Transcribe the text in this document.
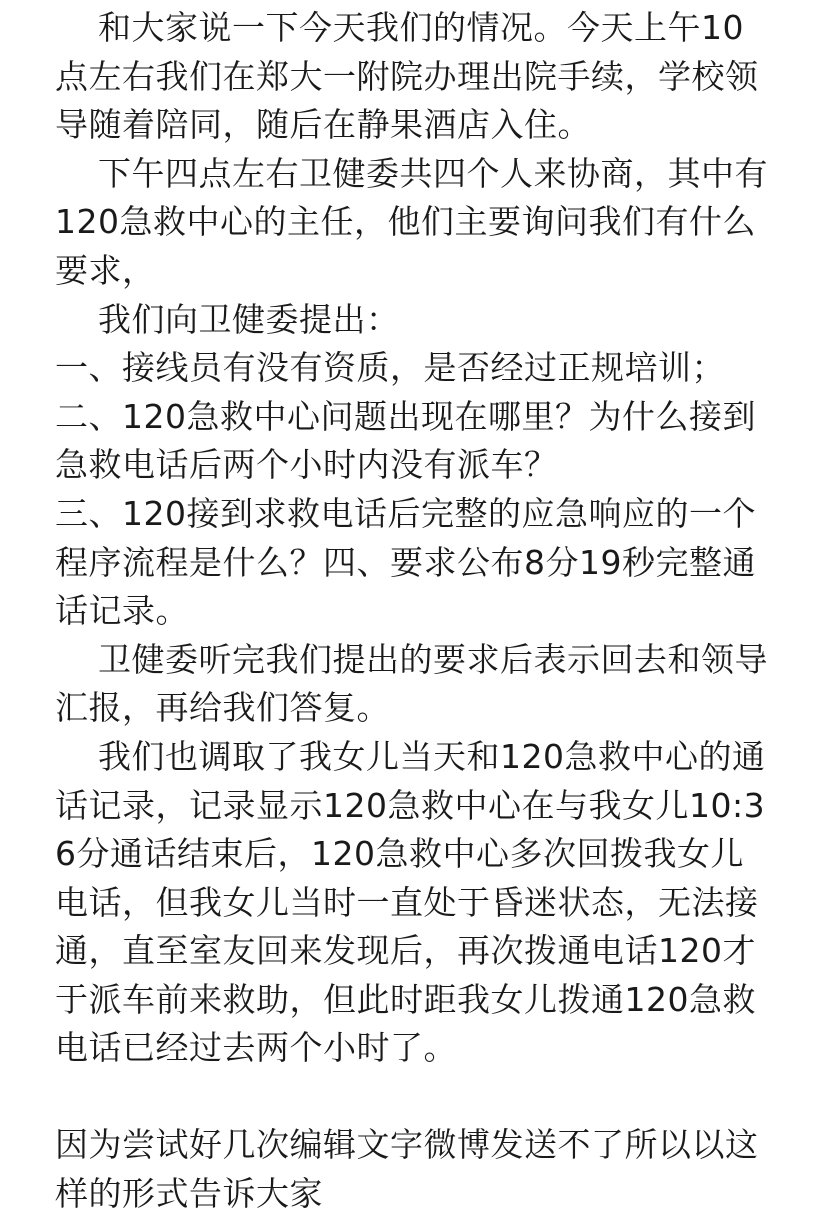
和大家说一下今天我们的情况。今天上午10点左右我们在郑大一附院办理出院手续，学校领导随着陪同，随后在静果酒店入住。

下午四点左右卫健委共四个人来协商，其中有120急救中心的主任，他们主要询问我们有什么要求，

我们向卫健委提出：

一、接线员有没有资质，是否经过正规培训；

二、120急救中心问题出现在哪里？为什么接到急救电话后两个小时内没有派车？

三、120接到求救电话后完整的应急响应的一个程序流程是什么？四、要求公布8分19秒完整通话记录。

卫健委听完我们提出的要求后表示回去和领导汇报，再给我们答复。

我们也调取了我女儿当天和120急救中心的通话记录，记录显示120急救中心在与我女儿10:36分通话结束后，120急救中心多次回拨我女儿电话，但我女儿当时一直处于昏迷状态，无法接通，直至室友回来发现后，再次拨通电话120才于派车前来救助，但此时距我女儿拨通120急救电话已经过去两个小时了。

因为尝试好几次编辑文字微博发送不了所以以这样的形式告诉大家
